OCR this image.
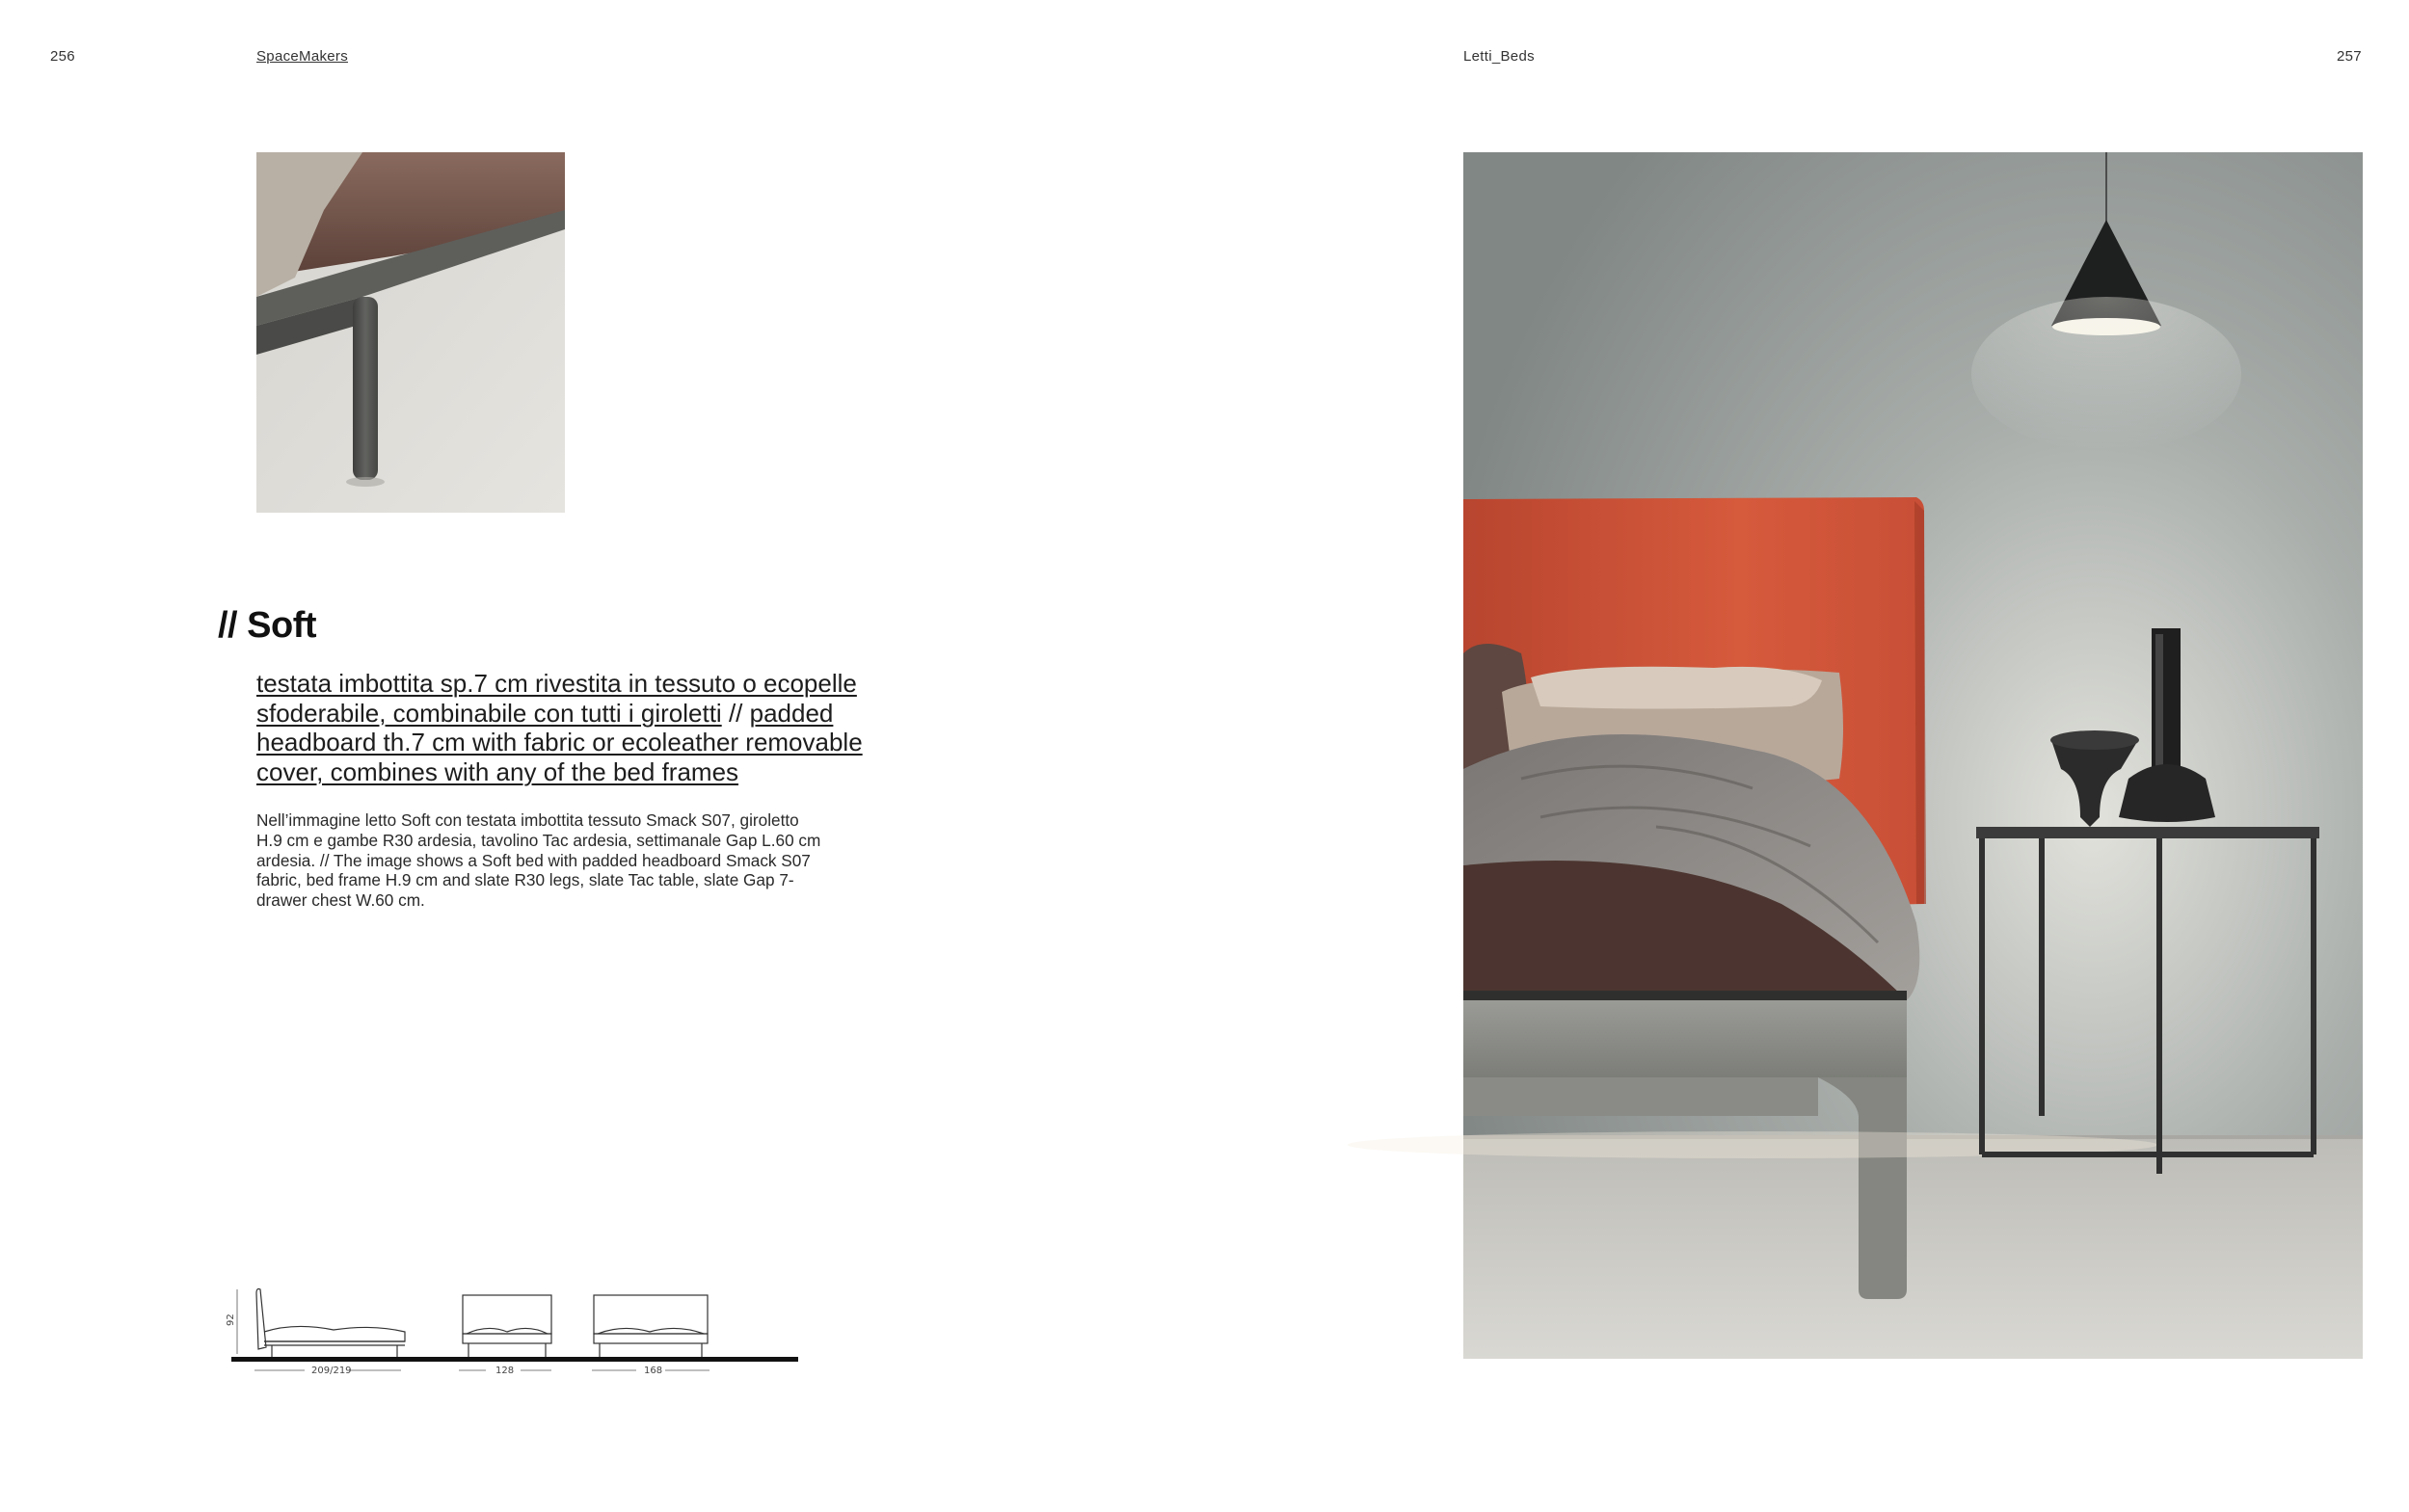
256	SpaceMakers	Letti_Beds	257
// Soft
testata imbottita sp.7 cm rivestita in tessuto o ecopelle sfoderabile, combinabile con tutti i giroletti // padded headboard th.7 cm with fabric or ecoleather removable cover, combines with any of the bed frames
Nell’immagine letto Soft con testata imbottita tessuto Smack S07, giroletto H.9 cm e gambe R30 ardesia, tavolino Tac ardesia, settimanale Gap L.60 cm ardesia. // The image shows a Soft bed with padded headboard Smack S07 fabric, bed frame H.9 cm and slate R30 legs, slate Tac table, slate Gap 7-drawer chest W.60 cm.
92
209/219	128	168
